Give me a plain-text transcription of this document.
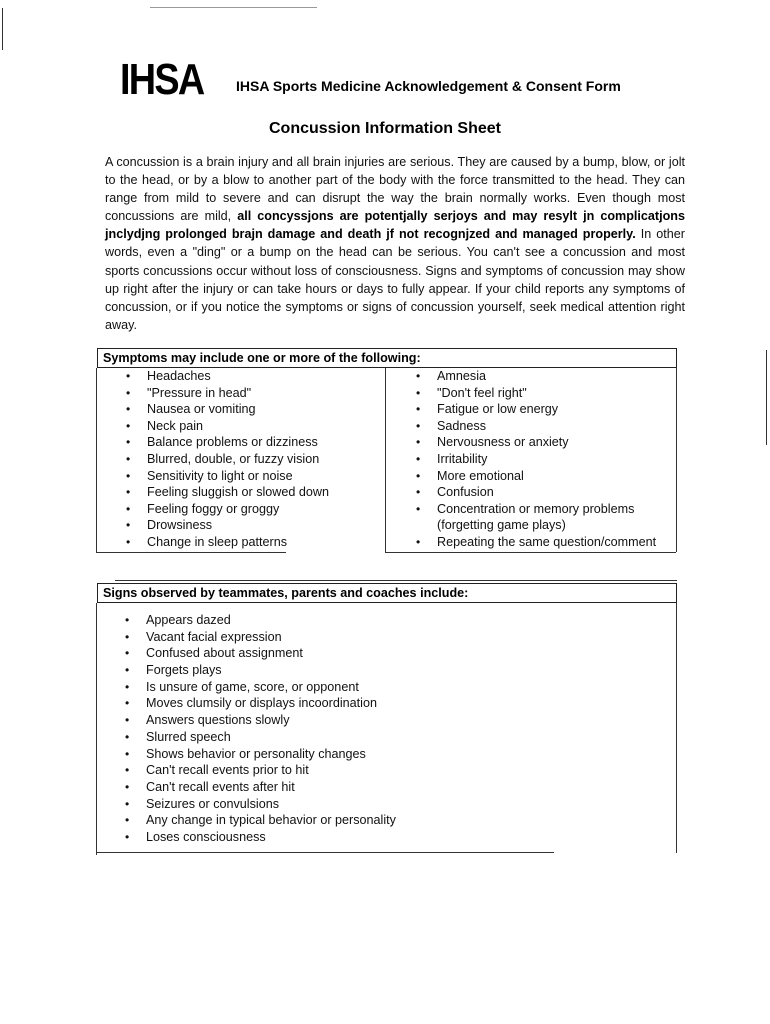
IHSA IHSA Sports Medicine Acknowledgement & Consent Form
Concussion Information Sheet
A concussion is a brain injury and all brain injuries are serious. They are caused by a bump, blow, or jolt to the head, or by a blow to another part of the body with the force transmitted to the head. They can range from mild to severe and can disrupt the way the brain normally works. Even though most concussions are mild, all concyssjons are potentjally serjoys and may resylt jn complicatjons jnclydjng prolonged brajn damage and death jf not recognjzed and managed properly. In other words, even a "ding" or a bump on the head can be serious. You can't see a concussion and most sports concussions occur without loss of consciousness. Signs and symptoms of concussion may show up right after the injury or can take hours or days to fully appear. If your child reports any symptoms of concussion, or if you notice the symptoms or signs of concussion yourself, seek medical attention right away.
Symptoms may include one or more of the following:
• Headaches
• "Pressure in head"
• Nausea or vomiting
• Neck pain
• Balance problems or dizziness
• Blurred, double, or fuzzy vision
• Sensitivity to light or noise
• Feeling sluggish or slowed down
• Feeling foggy or groggy
• Drowsiness
• Change in sleep patterns
• Amnesia
• "Don't feel right"
• Fatigue or low energy
• Sadness
• Nervousness or anxiety
• Irritability
• More emotional
• Confusion
• Concentration or memory problems
(forgetting game plays)
• Repeating the same question/comment
Signs observed by teammates, parents and coaches include:
• Appears dazed
• Vacant facial expression
• Confused about assignment
• Forgets plays
• Is unsure of game, score, or opponent
• Moves clumsily or displays incoordination
• Answers questions slowly
• Slurred speech
• Shows behavior or personality changes
• Can't recall events prior to hit
• Can't recall events after hit
• Seizures or convulsions
• Any change in typical behavior or personality
• Loses consciousness
